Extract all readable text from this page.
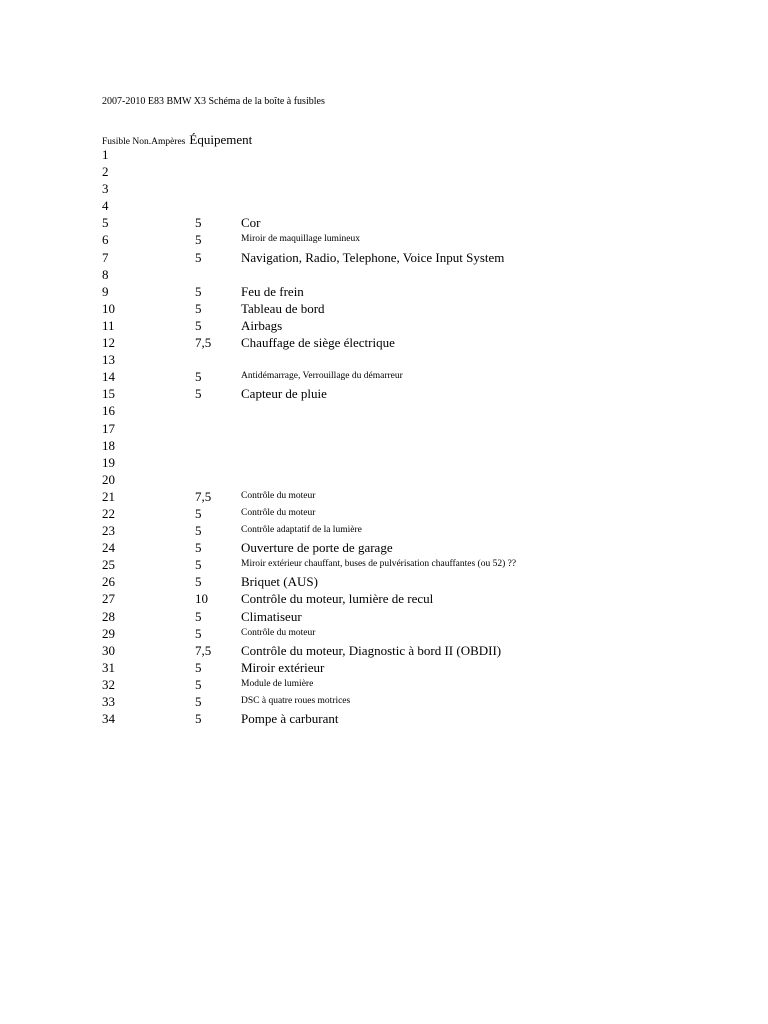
2007-2010 E83 BMW X3 Schéma de la boîte à fusibles
Fusible Non.Ampères Équipement
1
2
3
4
5	5	Cor
6	5	Miroir de maquillage lumineux
7	5	Navigation, Radio, Telephone, Voice Input System
8
9	5	Feu de frein
10	5	Tableau de bord
11	5	Airbags
12	7,5 Chauffage de siège électrique
13
14	5	Antidémarrage, Verrouillage du démarreur
15	5	Capteur de pluie
16
17
18
19
20
21	7,5	Contrôle du moteur
22	5	Contrôle du moteur
23	5	Contrôle adaptatif de la lumière
24	5	Ouverture de porte de garage
25	5	Miroir extérieur chauffant, buses de pulvérisation chauffantes (ou 52) ??
26	5	Briquet (AUS)
27	10	Contrôle du moteur, lumière de recul
28	5	Climatiseur
29	5	Contrôle du moteur
30	7,5 Contrôle du moteur, Diagnostic à bord II (OBDII)
31	5	Miroir extérieur
32	5	Module de lumière
33	5	DSC à quatre roues motrices
34	5	Pompe à carburant
